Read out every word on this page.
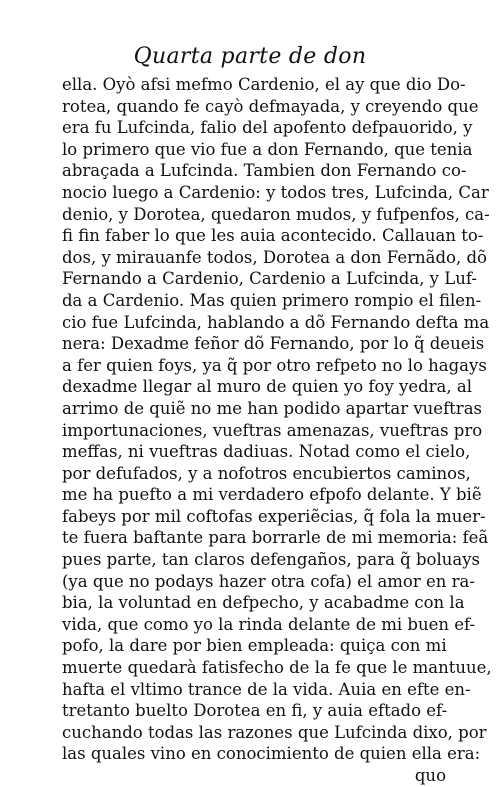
Quarta parte de don
ella. Oyò afsi mefmo Cardenio, el ay que dio Do-
rotea, quando fe cayò defmayada, y creyendo que
era fu Lufcinda, falio del apofento defpauorido, y
lo primero que vio fue a don Fernando, que tenia
abraçada a Lufcinda. Tambien don Fernando co-
nocio luego a Cardenio: y todos tres, Lufcinda, Car
denio, y Dorotea, quedaron mudos, y fufpenfos, ca-
fi fin faber lo que les auia acontecido. Callauan to-
dos, y mirauanfe todos, Dorotea a don Fernãdo, dõ
Fernando a Cardenio, Cardenio a Lufcinda, y Luf-
da a Cardenio. Mas quien primero rompio el filen-
cio fue Lufcinda, hablando a dõ Fernando defta ma
nera: Dexadme feñor dõ Fernando, por lo q̃ deueis
a fer quien foys, ya q̃ por otro refpeto no lo hagays
dexadme llegar al muro de quien yo foy yedra, al
arrimo de quiẽ no me han podido apartar vueftras
importunaciones, vueftras amenazas, vueftras pro
meffas, ni vueftras dadiuas. Notad como el cielo,
por defufados, y a nofotros encubiertos caminos,
me ha puefto a mi verdadero efpofo delante. Y biẽ
fabeys por mil coftofas experiẽcias, q̃ fola la muer-
te fuera baftante para borrarle de mi memoria: feã
pues parte, tan claros defengaños, para q̃ boluays
(ya que no podays hazer otra cofa) el amor en ra-
bia, la voluntad en defpecho, y acabadme con la
vida, que como yo la rinda delante de mi buen ef-
pofo, la dare por bien empleada: quiça con mi
muerte quedarà fatisfecho de la fe que le mantuue,
hafta el vltimo trance de la vida. Auia en efte en-
tretanto buelto Dorotea en fi, y auia eftado ef-
cuchando todas las razones que Lufcinda dixo, por
las quales vino en conocimiento de quien ella era:
quo
